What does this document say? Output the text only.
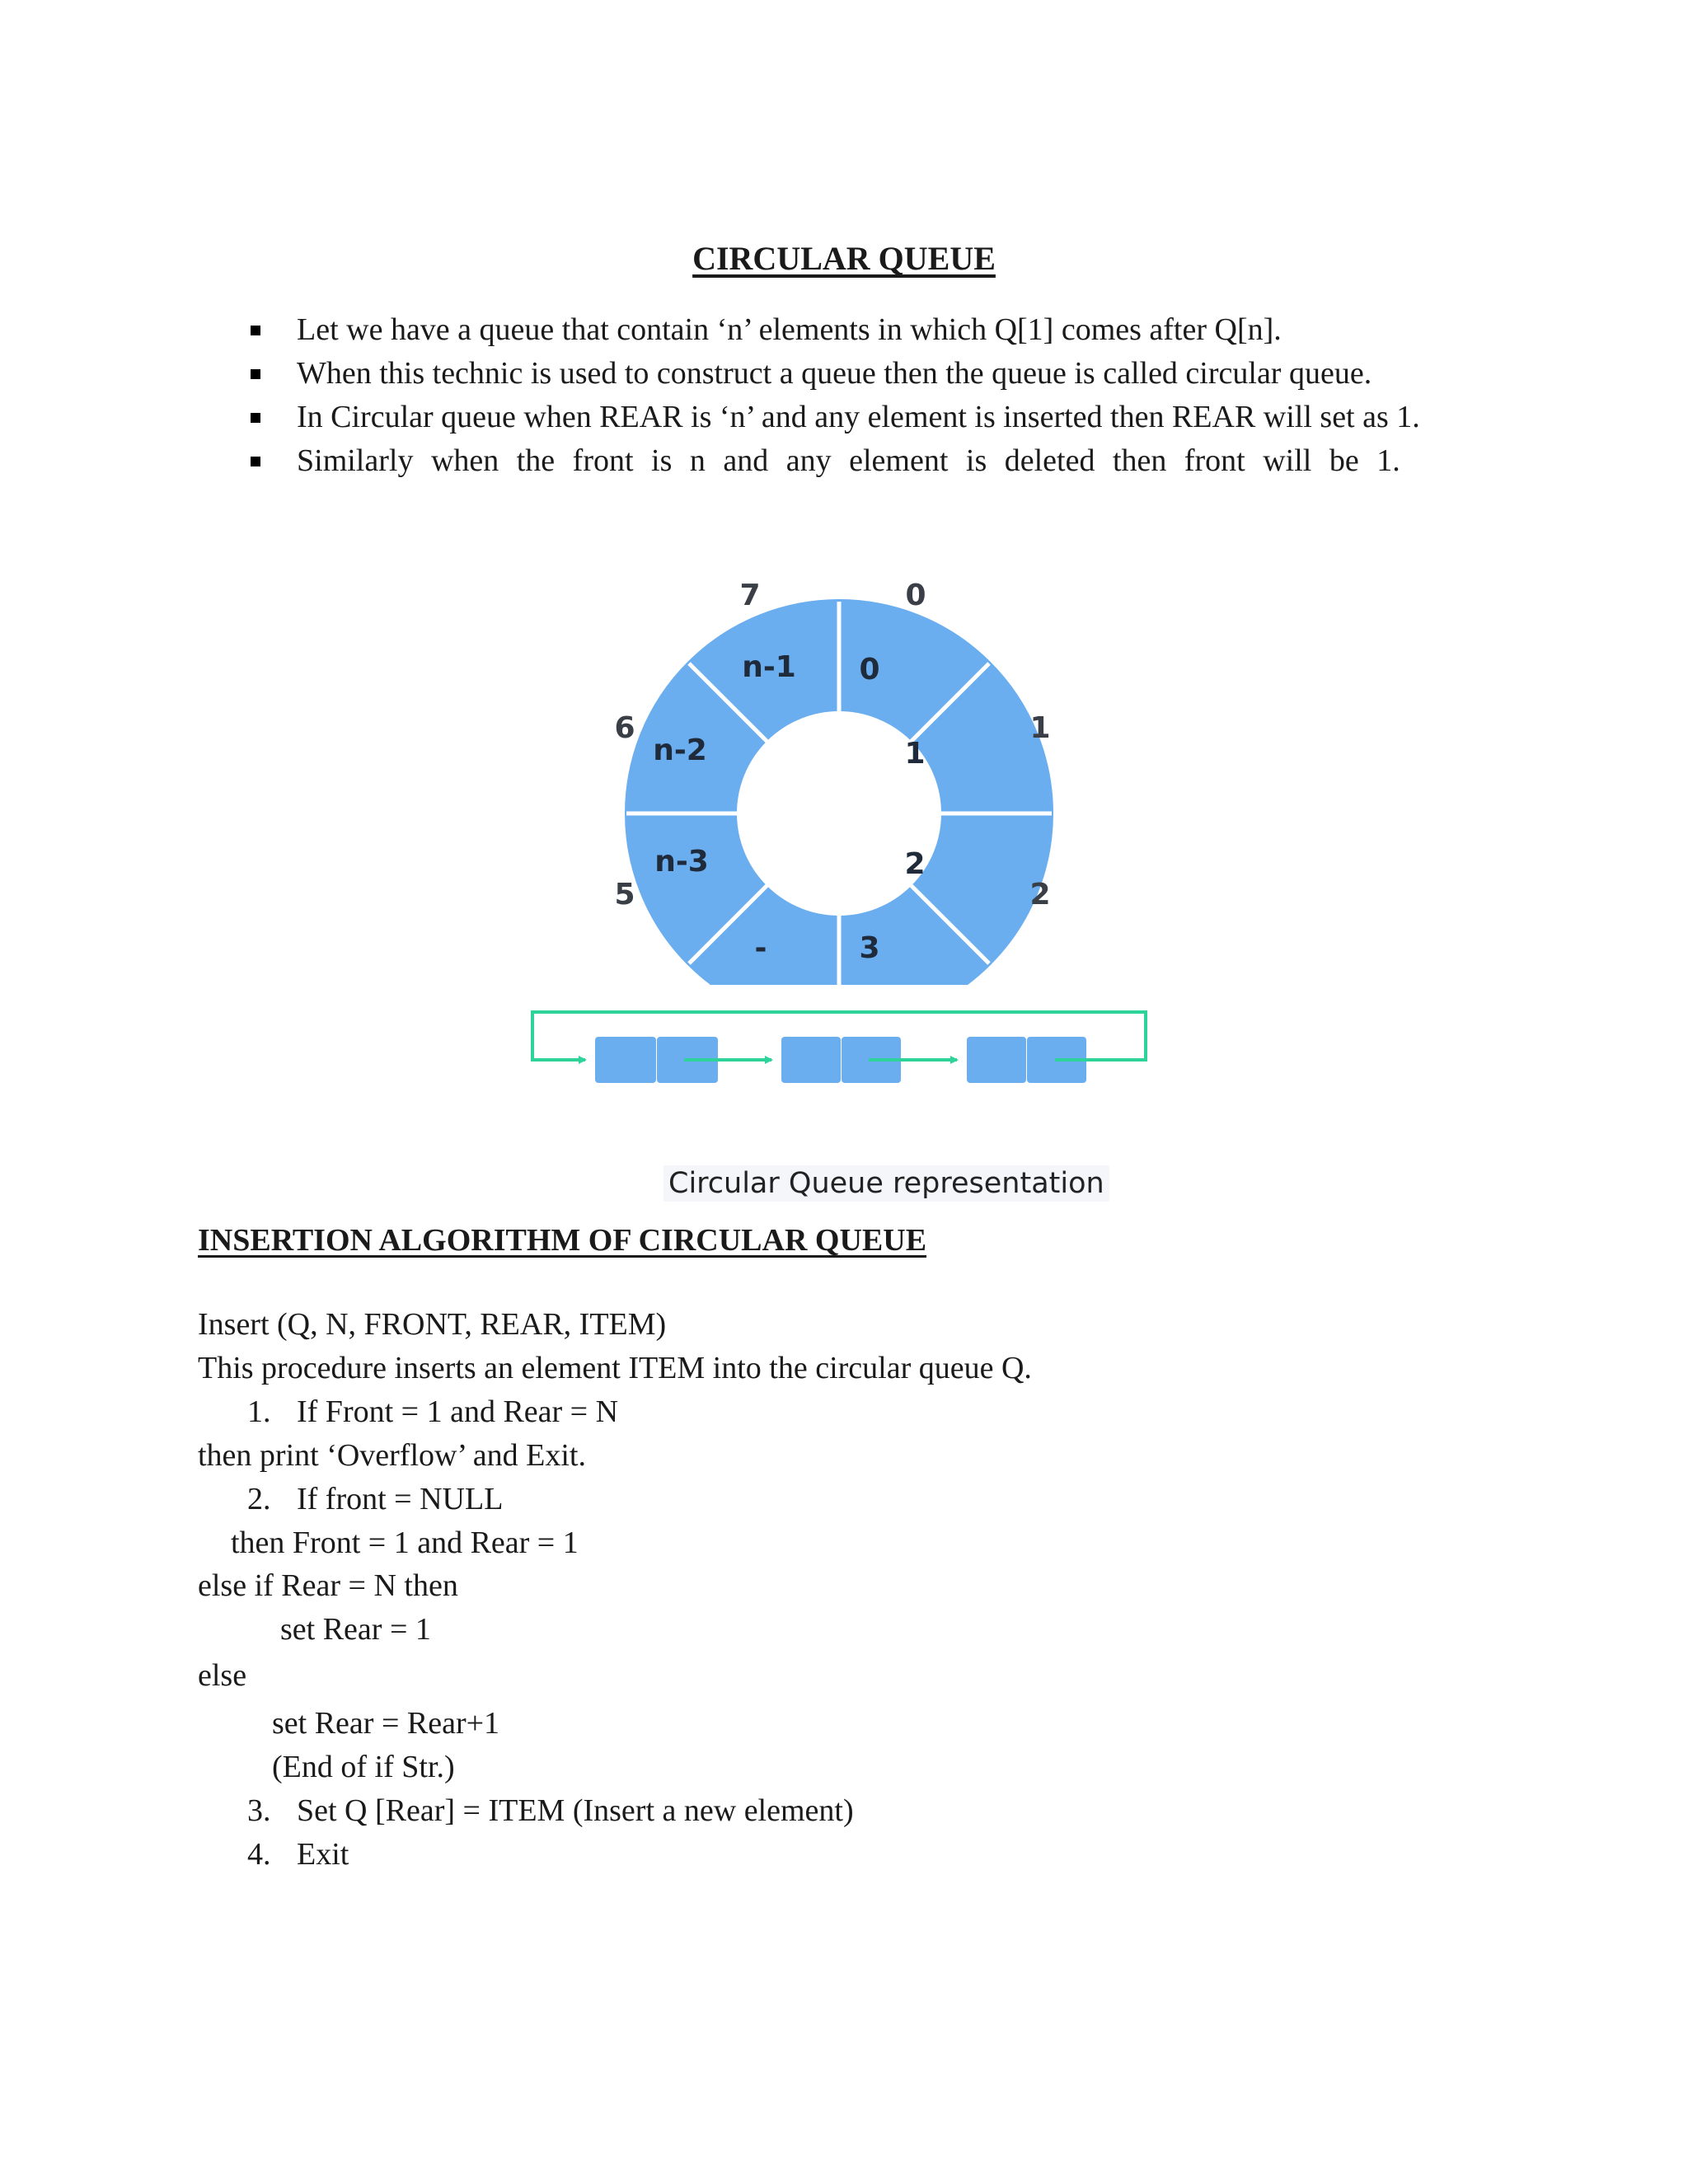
CIRCULAR QUEUE
Let we have a queue that contain ‘n’ elements in which Q[1] comes after Q[n].
When this technic is used to construct a queue then the queue is called circular queue.
In Circular queue when REAR is ‘n’ and any element is inserted then REAR will set as 1.
Similarly when the front is n and any element is deleted then front will be 1.
0
1
2
3
-
n-3
n-2
n-1
0
1
2
5
6
7
Circular Queue representation
INSERTION ALGORITHM OF CIRCULAR QUEUE
Insert (Q, N, FRONT, REAR, ITEM)
This procedure inserts an element ITEM into the circular queue Q.
1. If Front = 1 and Rear = N
then print ‘Overflow’ and Exit.
2. If front = NULL
then Front = 1 and Rear = 1
else if Rear = N then
set Rear = 1
else
set Rear = Rear+1
(End of if Str.)
3. Set Q [Rear] = ITEM (Insert a new element)
4. Exit
